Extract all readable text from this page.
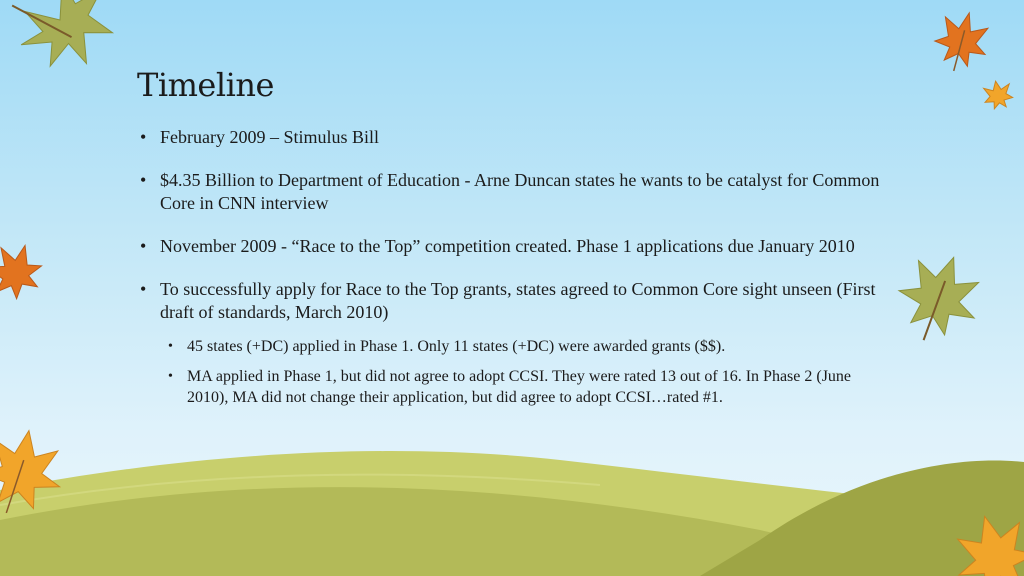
Timeline
• February 2009 – Stimulus Bill
• $4.35 Billion to Department of Education - Arne Duncan states he wants to be catalyst for Common Core in CNN interview
• November 2009 - “Race to the Top” competition created. Phase 1 applications due January 2010
• To successfully apply for Race to the Top grants, states agreed to Common Core sight unseen (First draft of standards, March 2010)
• 45 states (+DC) applied in Phase 1. Only 11 states (+DC) were awarded grants ($$).
• MA applied in Phase 1, but did not agree to adopt CCSI. They were rated 13 out of 16. In Phase 2 (June 2010), MA did not change their application, but did agree to adopt CCSI…rated #1.
